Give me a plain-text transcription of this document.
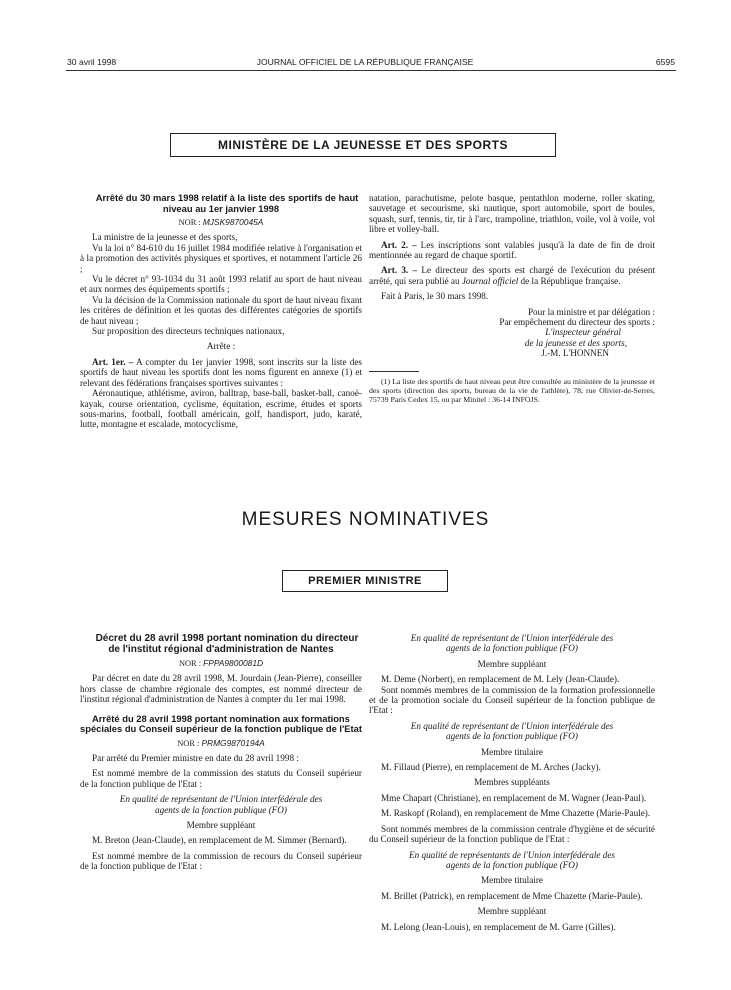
30 avril 1998	JOURNAL OFFICIEL DE LA RÉPUBLIQUE FRANÇAISE	6595
MINISTÈRE DE LA JEUNESSE ET DES SPORTS

Arrêté du 30 mars 1998 relatif à la liste des sportifs de haut niveau au 1er janvier 1998

NOR : MJSK9870045A

La ministre de la jeunesse et des sports,

Vu la loi n° 84-610 du 16 juillet 1984 modifiée relative à l'organisation et à la promotion des activités physiques et sportives, et notamment l'article 26 ;

Vu le décret n° 93-1034 du 31 août 1993 relatif au sport de haut niveau et aux normes des équipements sportifs ;

Vu la décision de la Commission nationale du sport de haut niveau fixant les critères de définition et les quotas des différentes catégories de sportifs de haut niveau ;

Sur proposition des directeurs techniques nationaux,

Arrête :

Art. 1er. – A compter du 1er janvier 1998, sont inscrits sur la liste des sportifs de haut niveau les sportifs dont les noms figurent en annexe (1) et relevant des fédérations françaises sportives suivantes :

Aéronautique, athlétisme, aviron, balltrap, base-ball, basket-ball, canoë-kayak, course orientation, cyclisme, équitation, escrime, études et sports sous-marins, football, football américain, golf, handisport, judo, karaté, lutte, montagne et escalade, motocyclisme,

natation, parachutisme, pelote basque, pentathlon moderne, roller skating, sauvetage et secourisme, ski nautique, sport automobile, sport de boules, squash, surf, tennis, tir, tir à l'arc, trampoline, triathlon, voile, vol à voile, vol libre et volley-ball.

Art. 2. – Les inscriptions sont valables jusqu'à la date de fin de droit mentionnée au regard de chaque sportif.

Art. 3. – Le directeur des sports est chargé de l'exécution du présent arrêté, qui sera publié au Journal officiel de la République française.

Fait à Paris, le 30 mars 1998.

Pour la ministre et par délégation :

Par empêchement du directeur des sports :

L'inspecteur général

de la jeunesse et des sports,

J.-M. L'HONNEN

(1) La liste des sportifs de haut niveau peut être consultée au ministère de la jeunesse et des sports (direction des sports, bureau de la vie de l'athlète), 78, rue Olivier-de-Serres, 75739 Paris Cedex 15, ou par Minitel : 36-14 INFOJS.

MESURES NOMINATIVES
PREMIER MINISTRE

Décret du 28 avril 1998 portant nomination du directeur de l'institut régional d'administration de Nantes

NOR : FPPA9800081D

Par décret en date du 28 avril 1998, M. Jourdain (Jean-Pierre), conseiller hors classe de chambre régionale des comptes, est nommé directeur de l'institut régional d'administration de Nantes à compter du 1er mai 1998.

Arrêté du 28 avril 1998 portant nomination aux formations spéciales du Conseil supérieur de la fonction publique de l'Etat

NOR : PRMG9870194A

Par arrêté du Premier ministre en date du 28 avril 1998 :

Est nommé membre de la commission des statuts du Conseil supérieur de la fonction publique de l'Etat :

En qualité de représentant de l'Union interfédérale des agents de la fonction publique (FO)

Membre suppléant

M. Breton (Jean-Claude), en remplacement de M. Simmer (Bernard).

Est nommé membre de la commission de recours du Conseil supérieur de la fonction publique de l'Etat :

En qualité de représentant de l'Union interfédérale des agents de la fonction publique (FO)

Membre suppléant

M. Deme (Norbert), en remplacement de M. Lely (Jean-Claude).

Sont nommés membres de la commission de la formation professionnelle et de la promotion sociale du Conseil supérieur de la fonction publique de l'Etat :

En qualité de représentant de l'Union interfédérale des agents de la fonction publique (FO)

Membre titulaire

M. Fillaud (Pierre), en remplacement de M. Arches (Jacky).

Membres suppléants

Mme Chapart (Christiane), en remplacement de M. Wagner (Jean-Paul).

M. Raskopf (Roland), en remplacement de Mme Chazette (Marie-Paule).

Sont nommés membres de la commission centrale d'hygiène et de sécurité du Conseil supérieur de la fonction publique de l'Etat :

En qualité de représentants de l'Union interfédérale des agents de la fonction publique (FO)

Membre titulaire

M. Brillet (Patrick), en remplacement de Mme Chazette (Marie-Paule).

Membre suppléant

M. Lelong (Jean-Louis), en remplacement de M. Garre (Gilles).
